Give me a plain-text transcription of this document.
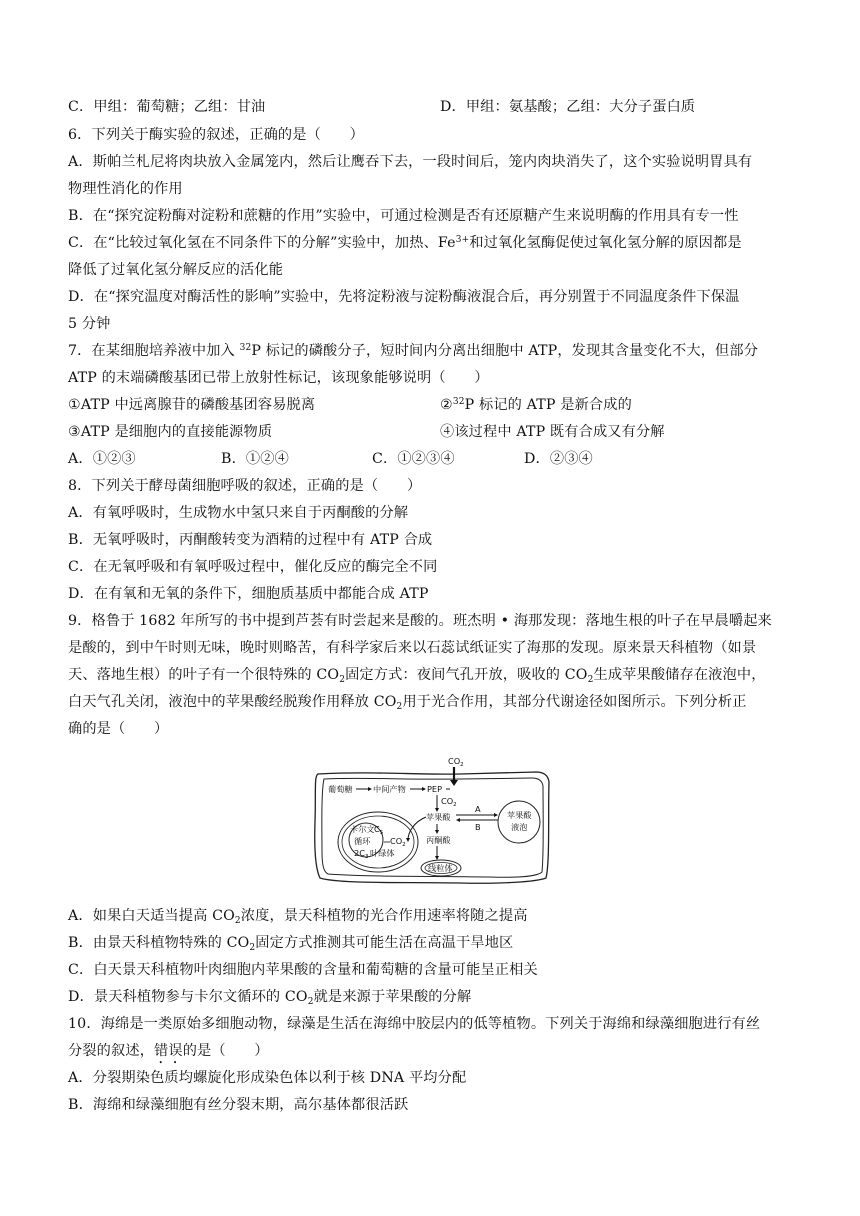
C．甲组：葡萄糖；乙组：甘油	D．甲组：氨基酸；乙组：大分子蛋白质
6．下列关于酶实验的叙述，正确的是（　　）
A．斯帕兰札尼将肉块放入金属笼内，然后让鹰吞下去，一段时间后，笼内肉块消失了，这个实验说明胃具有
物理性消化的作用
B．在“探究淀粉酶对淀粉和蔗糖的作用”实验中，可通过检测是否有还原糖产生来说明酶的作用具有专一性
C．在“比较过氧化氢在不同条件下的分解”实验中，加热、$Fe^{3+}$和过氧化氢酶促使过氧化氢分解的原因都是
降低了过氧化氢分解反应的活化能
D．在“探究温度对酶活性的影响”实验中，先将淀粉液与淀粉酶液混合后，再分别置于不同温度条件下保温
5 分钟
7．在某细胞培养液中加入 $^{32}$P 标记的磷酸分子，短时间内分离出细胞中 ATP，发现其含量变化不大，但部分
ATP 的末端磷酸基团已带上放射性标记，该现象能够说明（　　）
①ATP 中远离腺苷的磷酸基团容易脱离	②$^{32}$P 标记的 ATP 是新合成的
③ATP 是细胞内的直接能源物质	④该过程中 ATP 既有合成又有分解
A．①②③	B．①②④	C．①②③④	D．②③④
8．下列关于酵母菌细胞呼吸的叙述，正确的是（　　）
A．有氧呼吸时，生成物水中氢只来自于丙酮酸的分解
B．无氧呼吸时，丙酮酸转变为酒精的过程中有 ATP 合成
C．在无氧呼吸和有氧呼吸过程中，催化反应的酶完全不同
D．在有氧和无氧的条件下，细胞质基质中都能合成 ATP
9．格鲁于 1682 年所写的书中提到芦荟有时尝起来是酸的。班杰明 • 海那发现：落地生根的叶子在早晨嚼起来
是酸的，到中午时则无味，晚时则略苦，有科学家后来以石蕊试纸证实了海那的发现。原来景天科植物（如景
天、落地生根）的叶子有一个很特殊的 $CO_2$固定方式：夜间气孔开放，吸收的 $CO_2$生成苹果酸储存在液泡中，
白天气孔关闭，液泡中的苹果酸经脱羧作用释放 $CO_2$用于光合作用，其部分代谢途径如图所示。下列分析正
确的是（　　）
$CO_2$
葡萄糖 中间产物	PEP
$CO_2$
苹果酸
A
B
苹果酸
液泡
丙酮酸
线粒体
卡尔文 $C_5$
循环 $CO_2$
$2C_3$ 叶绿体
A．如果白天适当提高 $CO_2$浓度，景天科植物的光合作用速率将随之提高
B．由景天科植物特殊的 $CO_2$固定方式推测其可能生活在高温干旱地区
C．白天景天科植物叶肉细胞内苹果酸的含量和葡萄糖的含量可能呈正相关
D．景天科植物参与卡尔文循环的 $CO_2$就是来源于苹果酸的分解
10．海绵是一类原始多细胞动物，绿藻是生活在海绵中胶层内的低等植物。下列关于海绵和绿藻细胞进行有丝
分裂的叙述，错误的是（　　）
A．分裂期染色质均螺旋化形成染色体以利于核 DNA 平均分配
B．海绵和绿藻细胞有丝分裂末期，高尔基体都很活跃
